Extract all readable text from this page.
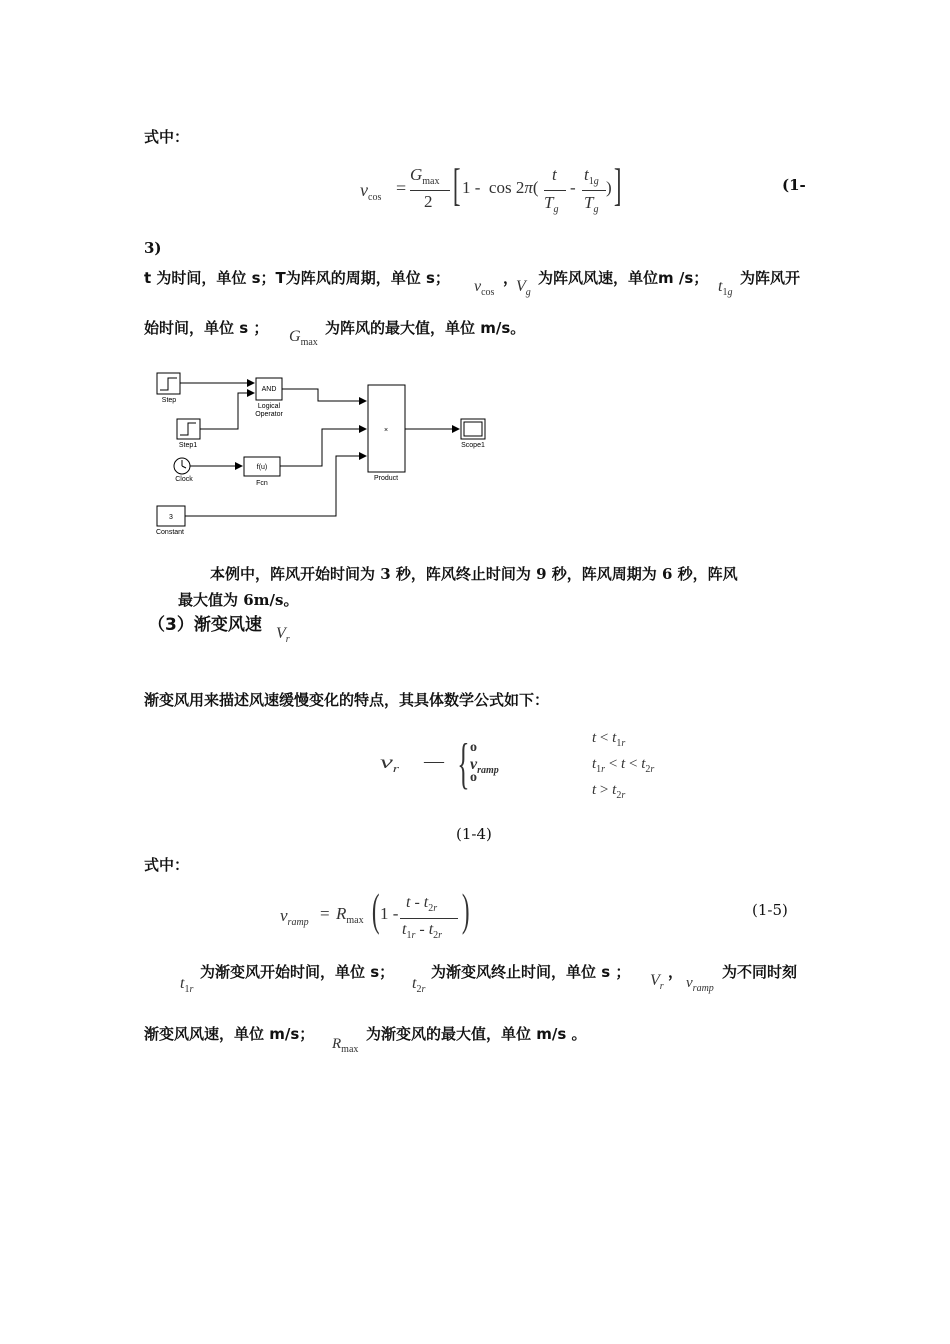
式中：
$v_{cos}$ =
$G_{max}$
2 [ 1 -  cos 2π(
t
$T_g$
-
$t_{1g}$
$T_g$
) ]	(1-
3)
t 为时间，单位 s；T为阵风的周期，单位 s； $v_{cos}$
，
$V_g$
为阵风风速，单位m /s； $t_{1g}$
为阵风开
始时间，单位 s ； $G_{max}$
为阵风的最大值，单位 m/s。
Step
Step1
Clock
3
Constant
AND
Logical
Operator
f(u)
Fcn
×
Product
Scope1
本例中，阵风开始时间为 3 秒，阵风终止时间为 9 秒，阵风周期为 6 秒，阵风
最大值为 6m/s。
（3）渐变风速 $V_r$
渐变风用来描述风速缓慢变化的特点，其具体数学公式如下：
$v_r$ — { o
$v_{ramp}$
o
$t < t_{1r}$
$t_{1r} < t < t_{2r}$
$t > t_{2r}$
(1-4)
式中：
$v_{ramp} = R_{max}$ ( 1 -
t - $t_{2r}$
$t_{1r} - t_{2r}$
)	(1-5)
$t_{1r}$
为渐变风开始时间，单位 s；
$t_{2r}$
为渐变风终止时间，单位 s ； $V_r$
，
$v_{ramp}$
为不同时刻
渐变风风速，单位 m/s；
$R_{max}$
为渐变风的最大值，单位 m/s 。
